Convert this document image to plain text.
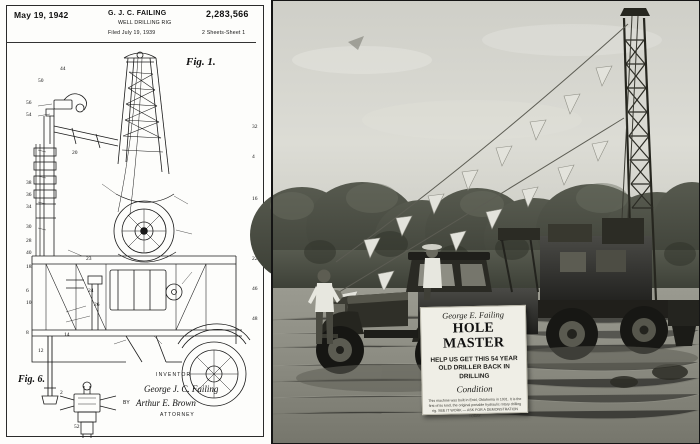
May 19, 1942	G. J. C. FAILING
WELL DRILLING RIG
Filed July 19, 1939	2 Sheets-Sheet 1
2,283,566
Fig. 1.
Fig. 6.
56
54
44
50
20
38
36
34
30
28
40
23
18
6
10
24
26
14
12
8
16
22
46
48
32
4
2
52
INVENTOR
George J. C. Failing
BY Arthur E. Brown
ATTORNEY
George E. Failing
HOLE MASTER
HELP US GET THIS 54 YEAR OLD DRILLER BACK IN DRILLING
Condition
This machine was built in Enid, Oklahoma in 1931. It is the first of its kind, the original portable hydraulic rotary drilling rig. SEE IT WORK — ASK FOR A DEMONSTRATION TODAY.
